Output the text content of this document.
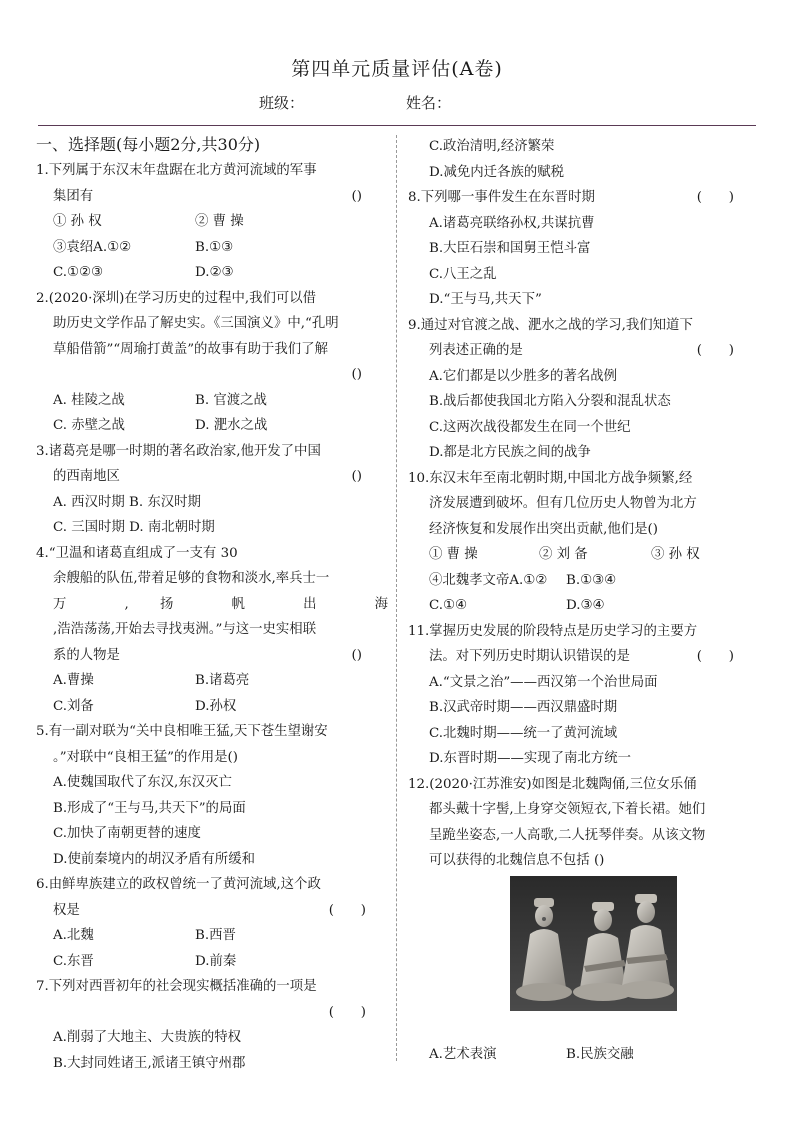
第四单元质量评估(A卷)
班级：	姓名：
一、选择题(每小题2分,共30分)
1.下列属于东汉末年盘踞在北方黄河流域的军事
集团有	()
① 孙 权	② 曹 操
③袁绍A.①②	B.①③
C.①②③	D.②③
2.(2020·深圳)在学习历史的过程中,我们可以借
助历史文学作品了解史实。《三国演义》中,“孔明
草船借箭”“周瑜打黄盖”的故事有助于我们了解
()
A. 桂陵之战	B. 官渡之战
C. 赤壁之战	D. 淝水之战
3.诸葛亮是哪一时期的著名政治家,他开发了中国
的西南地区	()
A. 西汉时期 B. 东汉时期
C. 三国时期 D. 南北朝时期
4.“卫温和诸葛直组成了一支有 30
余艘船的队伍,带着足够的食物和淡水,率兵士一
万 , 扬 帆 出 海
,浩浩荡荡,开始去寻找夷洲。”与这一史实相联
系的人物是	()
A.曹操	B.诸葛亮
C.刘备	D.孙权
5.有一副对联为“关中良相唯王猛,天下苍生望谢安
。”对联中“良相王猛”的作用是()
A.使魏国取代了东汉,东汉灭亡
B.形成了“王与马,共天下”的局面
C.加快了南朝更替的速度
D.使前秦境内的胡汉矛盾有所缓和
6.由鲜卑族建立的政权曾统一了黄河流域,这个政
权是	(　　)
A.北魏	B.西晋
C.东晋	D.前秦
7.下列对西晋初年的社会现实概括准确的一项是
(　　)
A.削弱了大地主、大贵族的特权
B.大封同姓诸王,派诸王镇守州郡
C.政治清明,经济繁荣
D.减免内迁各族的赋税
8.下列哪一事件发生在东晋时期	(　　)
A.诸葛亮联络孙权,共谋抗曹
B.大臣石崇和国舅王恺斗富
C.八王之乱
D.“王与马,共天下”
9.通过对官渡之战、淝水之战的学习,我们知道下
列表述正确的是	(　　)
A.它们都是以少胜多的著名战例
B.战后都使我国北方陷入分裂和混乱状态
C.这两次战役都发生在同一个世纪
D.都是北方民族之间的战争
10.东汉末年至南北朝时期,中国北方战争频繁,经
济发展遭到破坏。但有几位历史人物曾为北方
经济恢复和发展作出突出贡献,他们是()
① 曹 操	② 刘 备	③ 孙 权
④北魏孝文帝A.①② B.①③④
C.①④	D.③④
11.掌握历史发展的阶段特点是历史学习的主要方
法。对下列历史时期认识错误的是	(　　)
A.“文景之治”——西汉第一个治世局面
B.汉武帝时期——西汉鼎盛时期
C.北魏时期——统一了黄河流域
D.东晋时期——实现了南北方统一
12.(2020·江苏淮安)如图是北魏陶俑,三位女乐俑
都头戴十字髻,上身穿交领短衣,下着长裙。她们
呈跪坐姿态,一人高歌,二人抚琴伴奏。从该文物
可以获得的北魏信息不包括 ()
A.艺术表演	B.民族交融
